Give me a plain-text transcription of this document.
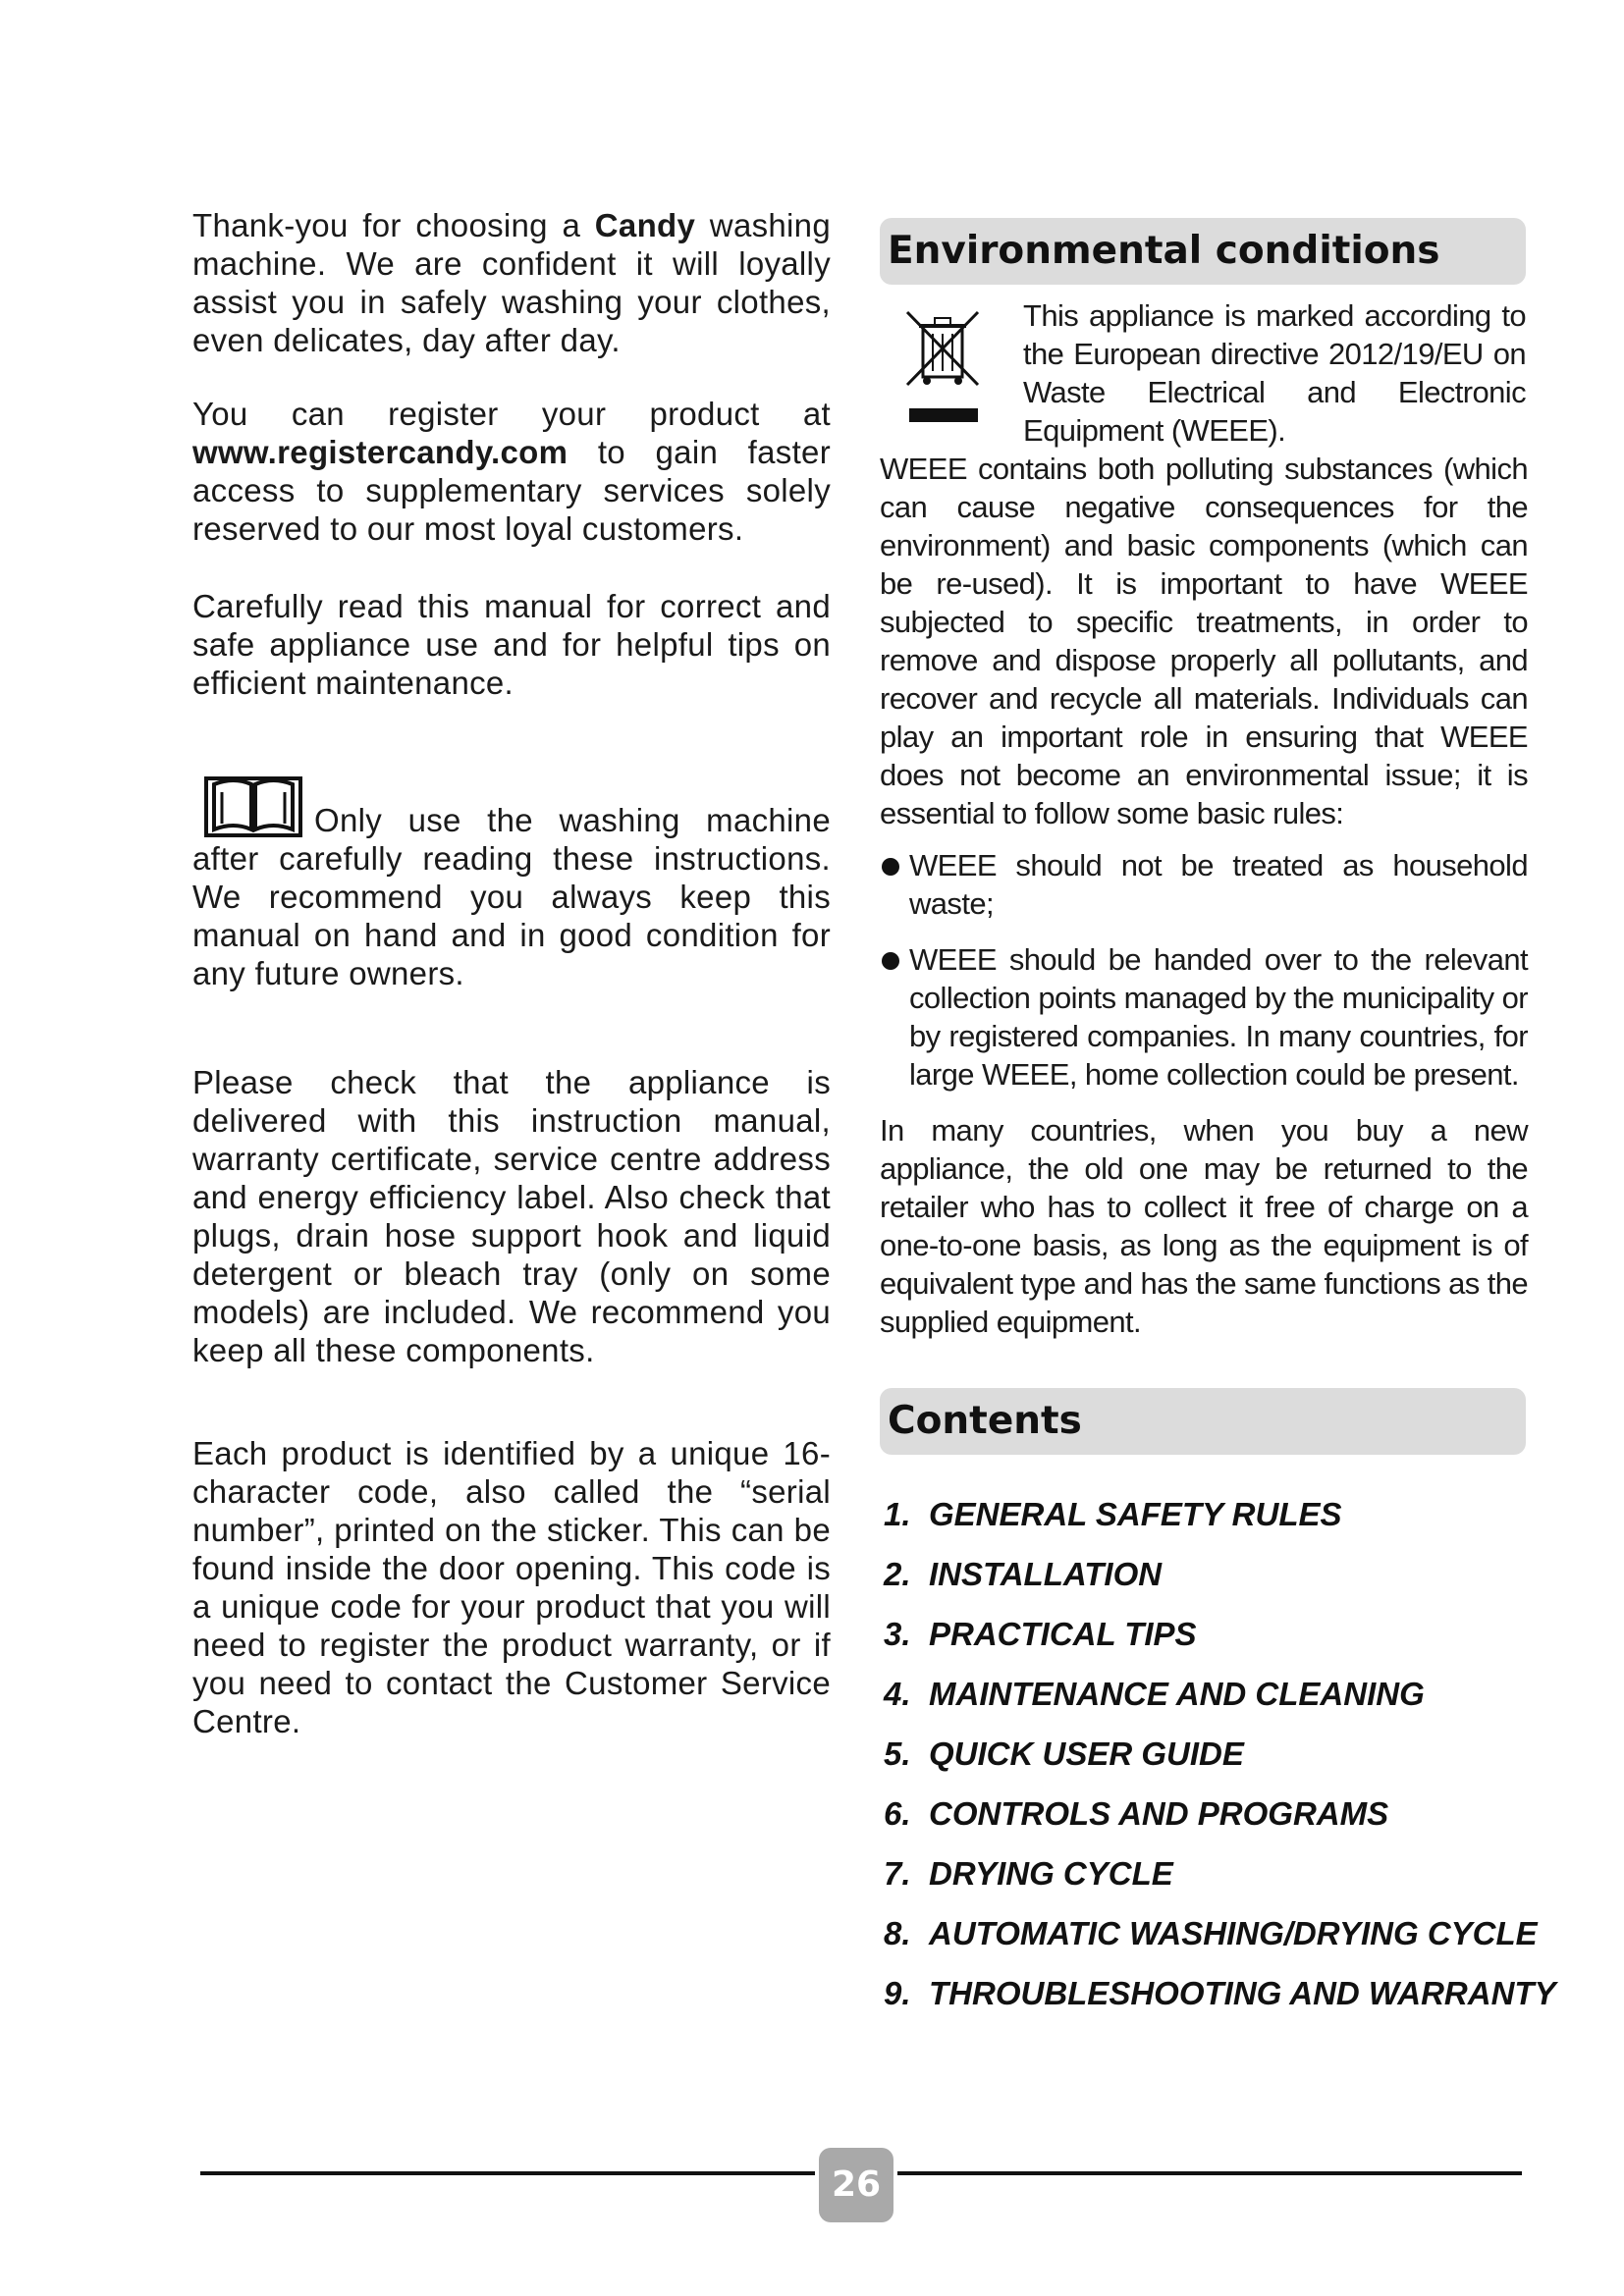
Thank-you for choosing a Candy washing machine. We are confident it will loyally assist you in safely washing your clothes, even delicates, day after day.

You can register your product at www.registercandy.com to gain faster access to supplementary services solely reserved to our most loyal customers.

Carefully read this manual for correct and safe appliance use and for helpful tips on efficient maintenance.

Only use the washing machine after carefully reading these instructions. We recommend you always keep this manual on hand and in good condition for any future owners.

Please check that the appliance is delivered with this instruction manual, warranty certificate, service centre address and energy efficiency label. Also check that plugs, drain hose support hook and liquid detergent or bleach tray (only on some models) are included. We recommend you keep all these components.

Each product is identified by a unique 16-character code, also called the “serial number”, printed on the sticker. This can be found inside the door opening. This code is a unique code for your product that you will need to register the product warranty, or if you need to contact the Customer Service Centre.

Environmental conditions
This appliance is marked according to the European directive 2012/19/EU on Waste Electrical and Electronic Equipment (WEEE).

WEEE contains both polluting substances (which can cause negative consequences for the environment) and basic components (which can be re-used). It is important to have WEEE subjected to specific treatments, in order to remove and dispose properly all pollutants, and recover and recycle all materials. Individuals can play an important role in ensuring that WEEE does not become an environmental issue; it is essential to follow some basic rules:

WEEE should not be treated as household waste;
WEEE should be handed over to the relevant collection points managed by the municipality or by registered companies. In many countries, for large WEEE, home collection could be present.

In many countries, when you buy a new appliance, the old one may be returned to the retailer who has to collect it free of charge on a one-to-one basis, as long as the equipment is of equivalent type and has the same functions as the supplied equipment.

Contents
1. GENERAL SAFETY RULES
2. INSTALLATION
3. PRACTICAL TIPS
4. MAINTENANCE AND CLEANING
5. QUICK USER GUIDE
6. CONTROLS AND PROGRAMS
7. DRYING CYCLE
8. AUTOMATIC WASHING/DRYING CYCLE
9. THROUBLESHOOTING AND WARRANTY
26
